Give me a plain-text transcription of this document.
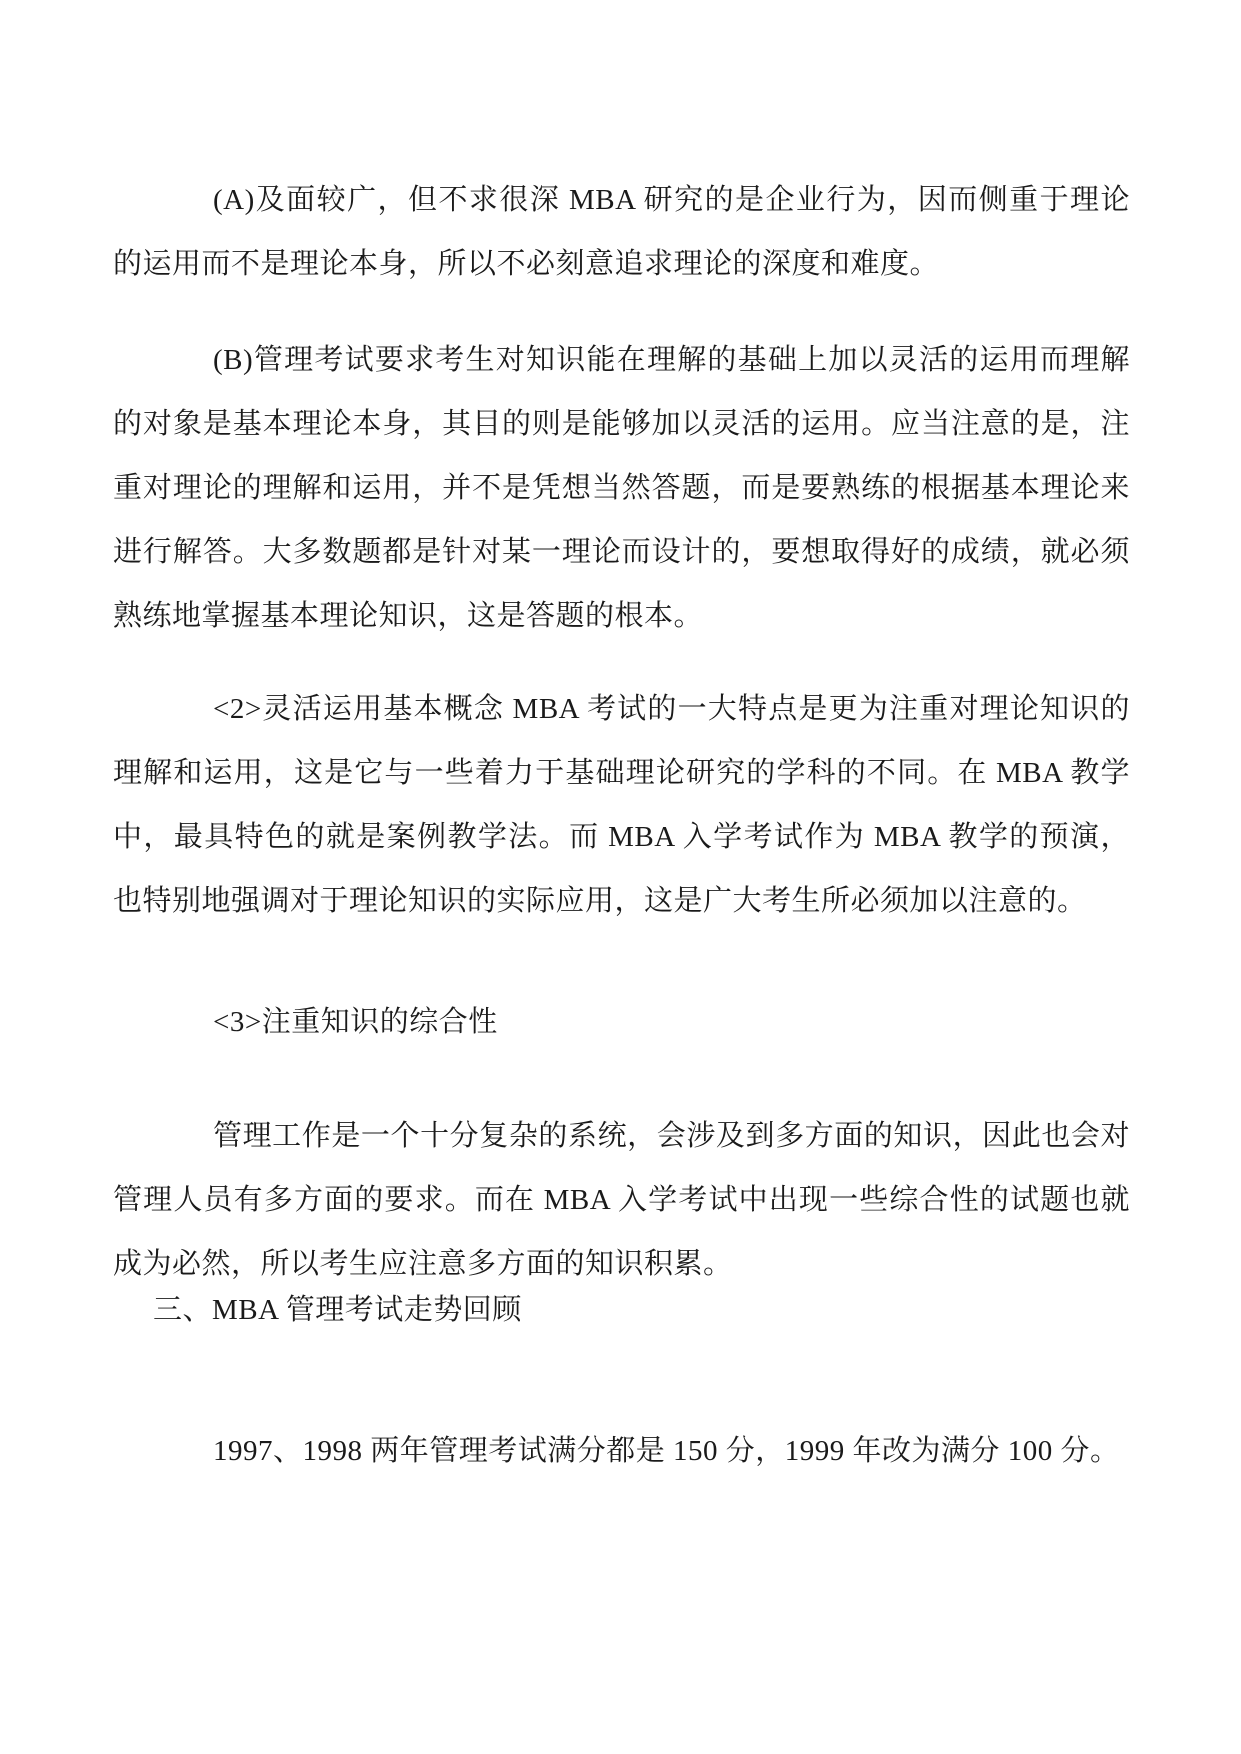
(A)及面较广，但不求很深 MBA 研究的是企业行为，因而侧重于理论的运用而不是理论本身，所以不必刻意追求理论的深度和难度。

(B)管理考试要求考生对知识能在理解的基础上加以灵活的运用而理解的对象是基本理论本身，其目的则是能够加以灵活的运用。应当注意的是，注重对理论的理解和运用，并不是凭想当然答题，而是要熟练的根据基本理论来进行解答。大多数题都是针对某一理论而设计的，要想取得好的成绩，就必须熟练地掌握基本理论知识，这是答题的根本。

<2>灵活运用基本概念 MBA 考试的一大特点是更为注重对理论知识的理解和运用，这是它与一些着力于基础理论研究的学科的不同。在 MBA 教学中，最具特色的就是案例教学法。而 MBA 入学考试作为 MBA 教学的预演，也特别地强调对于理论知识的实际应用，这是广大考生所必须加以注意的。

<3>注重知识的综合性

管理工作是一个十分复杂的系统，会涉及到多方面的知识，因此也会对管理人员有多方面的要求。而在 MBA 入学考试中出现一些综合性的试题也就成为必然，所以考生应注意多方面的知识积累。

三、MBA 管理考试走势回顾

1997、1998 两年管理考试满分都是 150 分，1999 年改为满分 100 分。
